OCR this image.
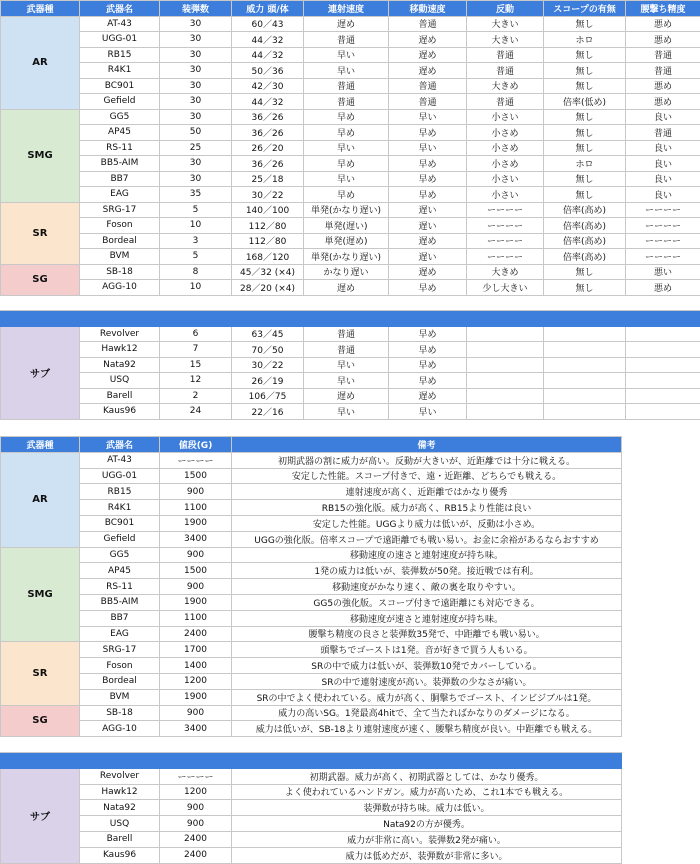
武器種	武器名	装弾数	威力 頭/体	連射速度	移動速度	反動	スコープの有無	腰撃ち精度
AR	AT-43	30	60／43	遅め	普通	大きい	無し	悪め
	UGG-01	30	44／32	普通	遅め	大きい	ホロ	悪め
	RB15	30	44／32	早い	遅め	普通	無し	普通
	R4K1	30	50／36	早い	遅め	普通	無し	普通
	BC901	30	42／30	普通	普通	大きめ	無し	悪め
	Gefield	30	44／32	普通	普通	普通	倍率(低め)	悪め
SMG	GG5	30	36／26	早め	早い	小さい	無し	良い
	AP45	50	36／26	早め	早め	小さめ	無し	普通
	RS-11	25	26／20	早い	早い	小さめ	無し	良い
	BB5-AIM	30	36／26	早め	早め	小さめ	ホロ	良い
	BB7	30	25／18	早い	早め	小さい	無し	良い
	EAG	35	30／22	早め	早め	小さい	無し	良い
SR	SRG-17	5	140／100	単発(かなり遅い)	遅い	ーーーー	倍率(高め)	ーーーー
	Foson	10	112／80	単発(遅い)	遅い	ーーーー	倍率(高め)	ーーーー
	Bordeal	3	112／80	単発(遅め)	遅め	ーーーー	倍率(高め)	ーーーー
	BVM	5	168／120	単発(かなり遅い)	遅い	ーーーー	倍率(高め)	ーーーー
SG	SB-18	8	45／32 (×4)	かなり遅い	遅め	大きめ	無し	悪い
	AGG-10	10	28／20 (×4)	遅め	早め	少し大きい	無し	悪め

サブ	Revolver	6	63／45	普通	早め			
	Hawk12	7	70／50	普通	早め			
	Nata92	15	30／22	早い	早め			
	USQ	12	26／19	早い	早め			
	Barell	2	106／75	遅め	遅め			
	Kaus96	24	22／16	早い	早い			
武器種	武器名	値段(G)	備考
AR	AT-43	ーーーー	初期武器の割に威力が高い。反動が大きいが、近距離では十分に戦える。
	UGG-01	1500	安定した性能。スコープ付きで、遠・近距離、どちらでも戦える。
	RB15	900	連射速度が高く、近距離ではかなり優秀
	R4K1	1100	RB15の強化版。威力が高く、RB15より性能は良い
	BC901	1900	安定した性能。UGGより威力は低いが、反動は小さめ。
	Gefield	3400	UGGの強化版。倍率スコープで遠距離でも戦い易い。お金に余裕があるならおすすめ
SMG	GG5	900	移動速度の速さと連射速度が持ち味。
	AP45	1500	1発の威力は低いが、装弾数が50発。接近戦では有利。
	RS-11	900	移動速度がかなり速く、敵の裏を取りやすい。
	BB5-AIM	1900	GG5の強化版。スコープ付きで遠距離にも対応できる。
	BB7	1100	移動速度が速さと連射速度が持ち味。
	EAG	2400	腰撃ち精度の良さと装弾数35発で、中距離でも戦い易い。
SR	SRG-17	1700	頭撃ちでゴーストは1発。音が好きで買う人もいる。
	Foson	1400	SRの中で威力は低いが、装弾数10発でカバーしている。
	Bordeal	1200	SRの中で連射速度が高い。装弾数の少なさが痛い。
	BVM	1900	SRの中でよく使われている。威力が高く、胴撃ちでゴースト、インビジブルは1発。
SG	SB-18	900	威力の高いSG。1発最高4hitで、全て当たればかなりのダメージになる。
	AGG-10	3400	威力は低いが、SB-18より連射速度が速く、腰撃ち精度が良い。中距離でも戦える。

サブ	Revolver	ーーーー	初期武器。威力が高く、初期武器としては、かなり優秀。
	Hawk12	1200	よく使われているハンドガン。威力が高いため、これ1本でも戦える。
	Nata92	900	装弾数が持ち味。威力は低い。
	USQ	900	Nata92の方が優秀。
	Barell	2400	威力が非常に高い。装弾数2発が痛い。
	Kaus96	2400	威力は低めだが、装弾数が非常に多い。
